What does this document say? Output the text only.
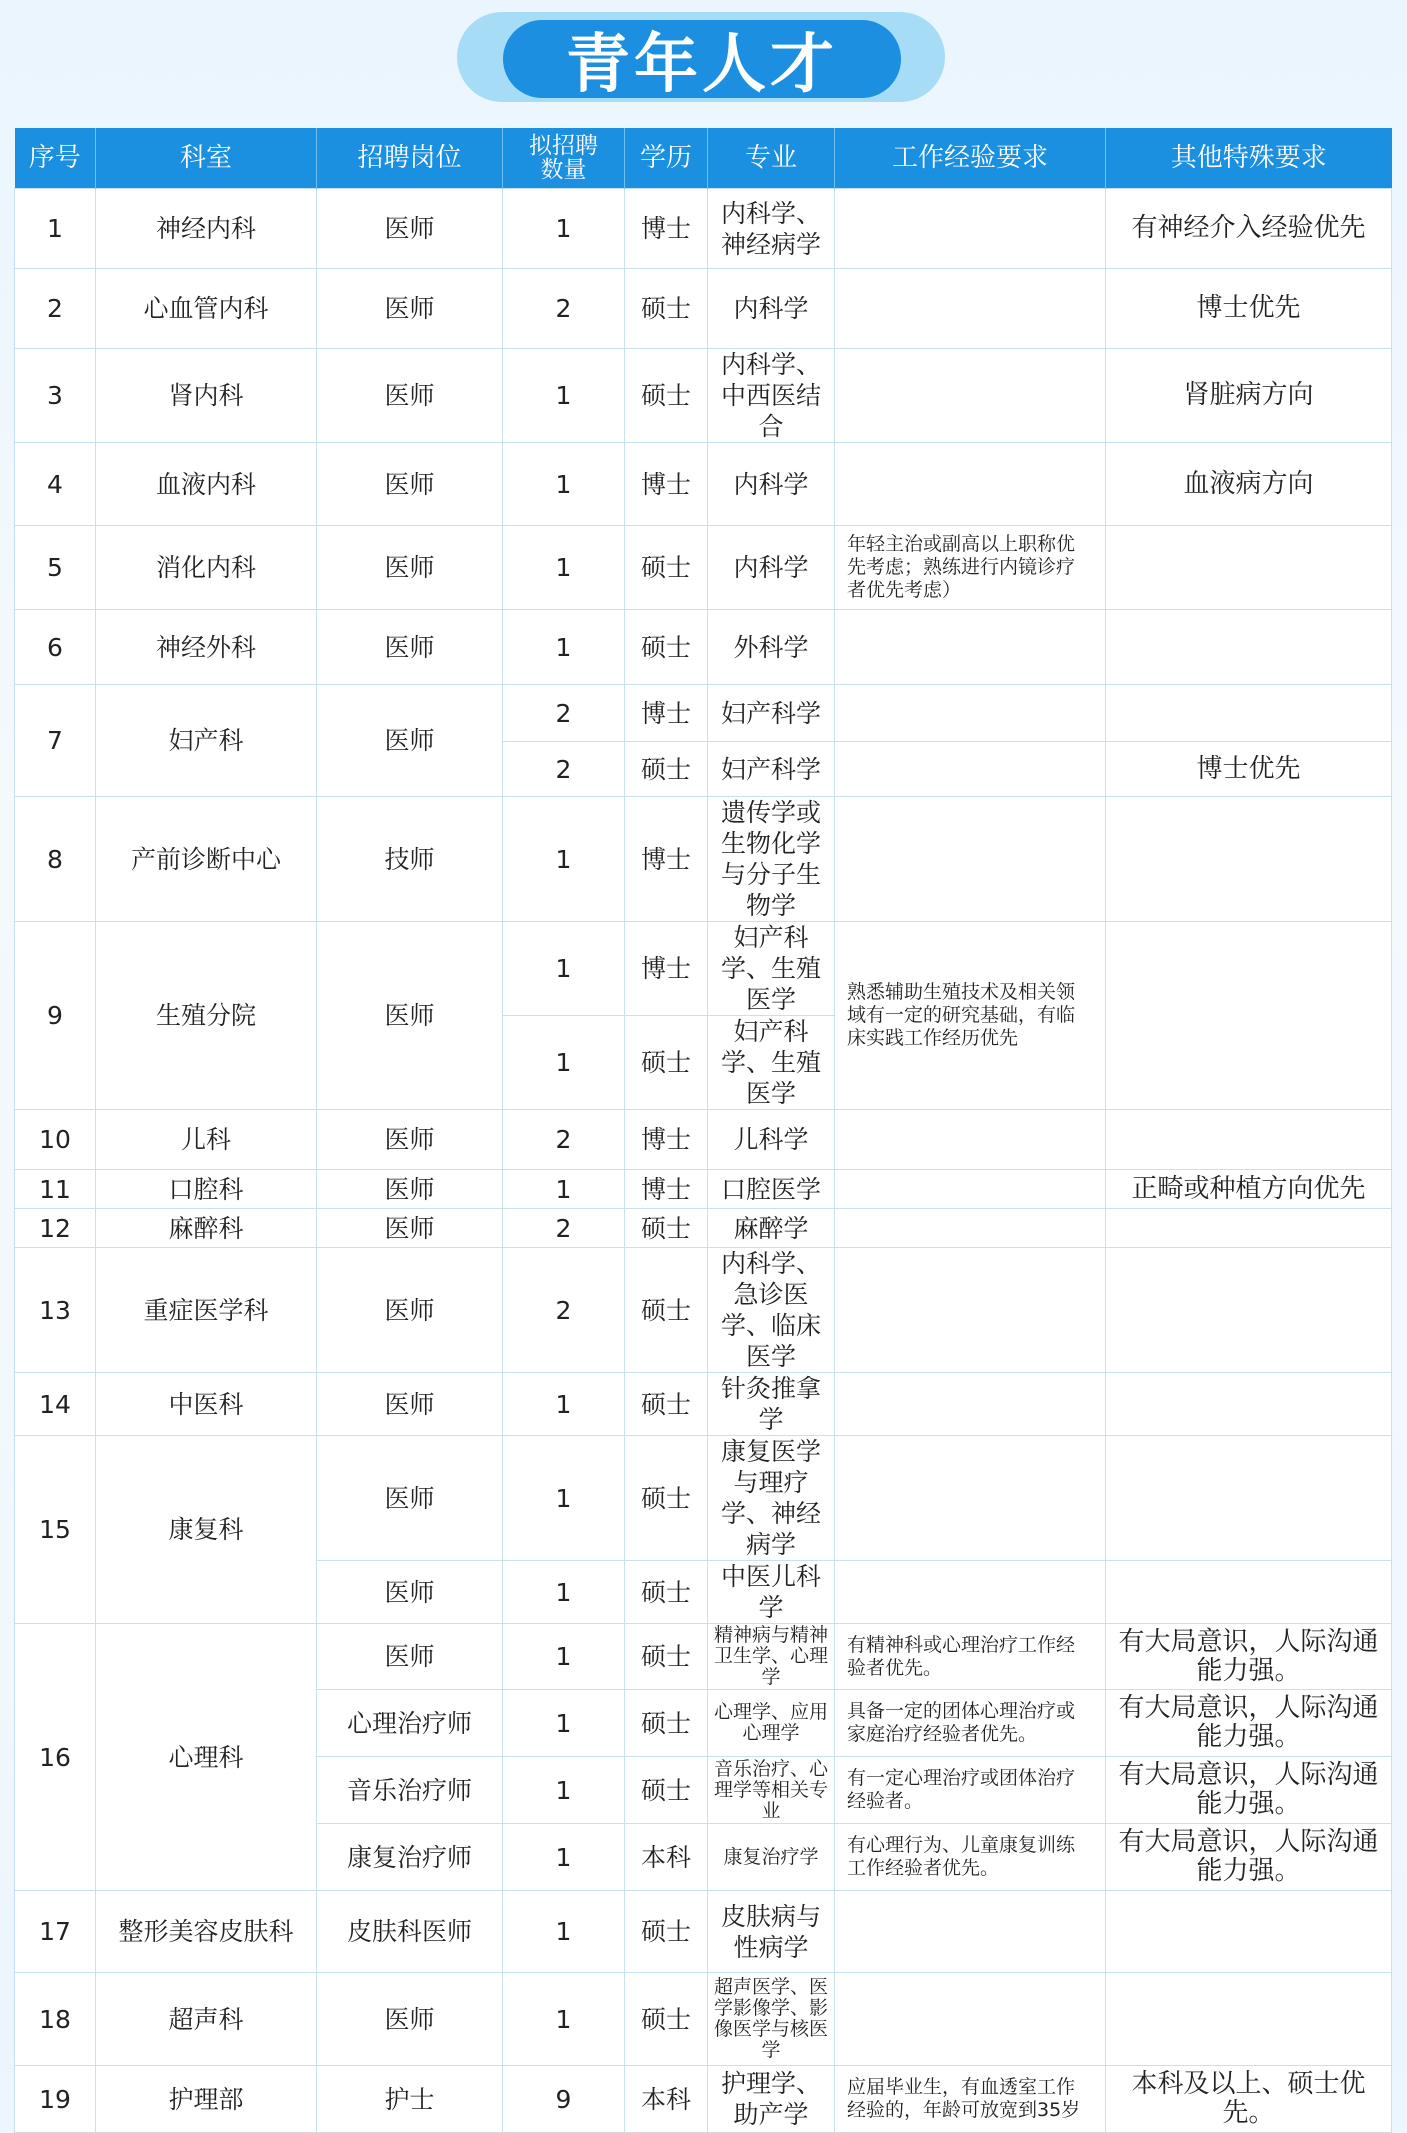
青年人才
序号	科室	招聘岗位	拟招聘数量	学历	专业	工作经验要求	其他特殊要求
1	神经内科	医师	1	博士	内科学、神经病学		有神经介入经验优先
2	心血管内科	医师	2	硕士	内科学		博士优先
3	肾内科	医师	1	硕士	内科学、中西医结合		肾脏病方向
4	血液内科	医师	1	博士	内科学		血液病方向
5	消化内科	医师	1	硕士	内科学	年轻主治或副高以上职称优先考虑；熟练进行内镜诊疗者优先考虑）	
6	神经外科	医师	1	硕士	外科学		
7	妇产科	医师	2	博士	妇产科学		
			2	硕士	妇产科学		博士优先
8	产前诊断中心	技师	1	博士	遗传学或生物化学与分子生物学		
9	生殖分院	医师	1	博士	妇产科学、生殖医学	熟悉辅助生殖技术及相关领域有一定的研究基础，有临床实践工作经历优先	
			1	硕士	妇产科学、生殖医学		
10	儿科	医师	2	博士	儿科学		
11	口腔科	医师	1	博士	口腔医学		正畸或种植方向优先
12	麻醉科	医师	2	硕士	麻醉学		
13	重症医学科	医师	2	硕士	内科学、急诊医学、临床医学		
14	中医科	医师	1	硕士	针灸推拿学		
15	康复科	医师	1	硕士	康复医学与理疗学、神经病学		
		医师	1	硕士	中医儿科学		
16	心理科	医师	1	硕士	精神病与精神卫生学、心理学	有精神科或心理治疗工作经验者优先。	有大局意识，人际沟通能力强。
		心理治疗师	1	硕士	心理学、应用心理学	具备一定的团体心理治疗或家庭治疗经验者优先。	有大局意识，人际沟通能力强。
		音乐治疗师	1	硕士	音乐治疗、心理学等相关专业	有一定心理治疗或团体治疗经验者。	有大局意识，人际沟通能力强。
		康复治疗师	1	本科	康复治疗学	有心理行为、儿童康复训练工作经验者优先。	有大局意识，人际沟通能力强。
17	整形美容皮肤科	皮肤科医师	1	硕士	皮肤病与性病学		
18	超声科	医师	1	硕士	超声医学、医学影像学、影像医学与核医学		
19	护理部	护士	9	本科	护理学、助产学	应届毕业生，有血透室工作经验的，年龄可放宽到35岁	本科及以上、硕士优先。
